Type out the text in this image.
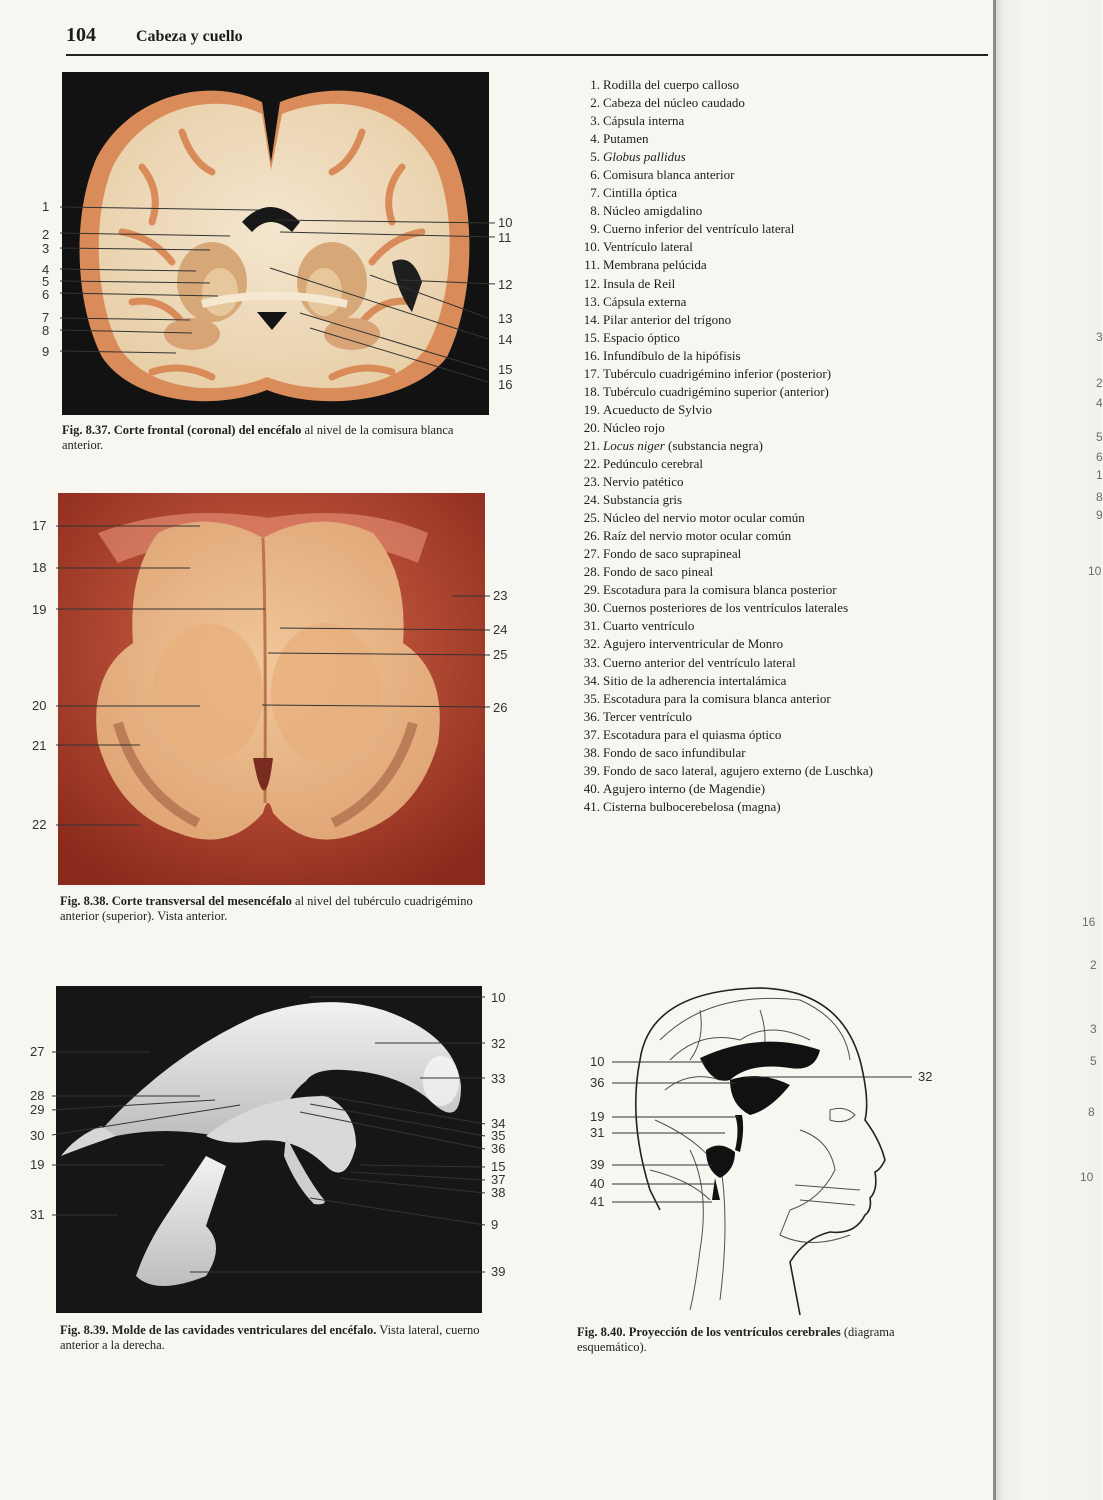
3
2
4
5
6
1
8
9
10
16
2
3
5
8
10
104	Cabeza y cuello
1
2
3
4
5
6
7
8
9
10
11
12
13
14
15
16
Fig. 8.37. Corte frontal (coronal) del encéfalo al nivel de la comisura blanca anterior.
17
18
19
20
21
22
23
24
25
26
Fig. 8.38. Corte transversal del mesencéfalo al nivel del tubérculo cuadrigémino anterior (superior). Vista anterior.
27
28
29
30
19
31
10
32
33
34
35
36
15
37
38
9
39
Fig. 8.39. Molde de las cavidades ventriculares del encéfalo. Vista lateral, cuerno anterior a la derecha.
10
36
19
31
39
40
41
32
Fig. 8.40. Proyección de los ventrículos cerebrales (diagrama esquemático).
1. Rodilla del cuerpo calloso
2. Cabeza del núcleo caudado
3. Cápsula interna
4. Putamen
5. Globus pallidus
6. Comisura blanca anterior
7. Cintilla óptica
8. Núcleo amigdalino
9. Cuerno inferior del ventrículo lateral
10. Ventrículo lateral
11. Membrana pelúcida
12. Insula de Reil
13. Cápsula externa
14. Pilar anterior del trígono
15. Espacio óptico
16. Infundíbulo de la hipófisis
17. Tubérculo cuadrigémino inferior (posterior)
18. Tubérculo cuadrigémino superior (anterior)
19. Acueducto de Sylvio
20. Núcleo rojo
21. Locus niger (substancia negra)
22. Pedúnculo cerebral
23. Nervio patético
24. Substancia gris
25. Núcleo del nervio motor ocular común
26. Raíz del nervio motor ocular común
27. Fondo de saco suprapineal
28. Fondo de saco pineal
29. Escotadura para la comisura blanca posterior
30. Cuernos posteriores de los ventrículos laterales
31. Cuarto ventrículo
32. Agujero interventricular de Monro
33. Cuerno anterior del ventrículo lateral
34. Sitio de la adherencia intertalámica
35. Escotadura para la comisura blanca anterior
36. Tercer ventrículo
37. Escotadura para el quiasma óptico
38. Fondo de saco infundibular
39. Fondo de saco lateral, agujero externo (de Luschka)
40. Agujero interno (de Magendie)
41. Cisterna bulbocerebelosa (magna)
